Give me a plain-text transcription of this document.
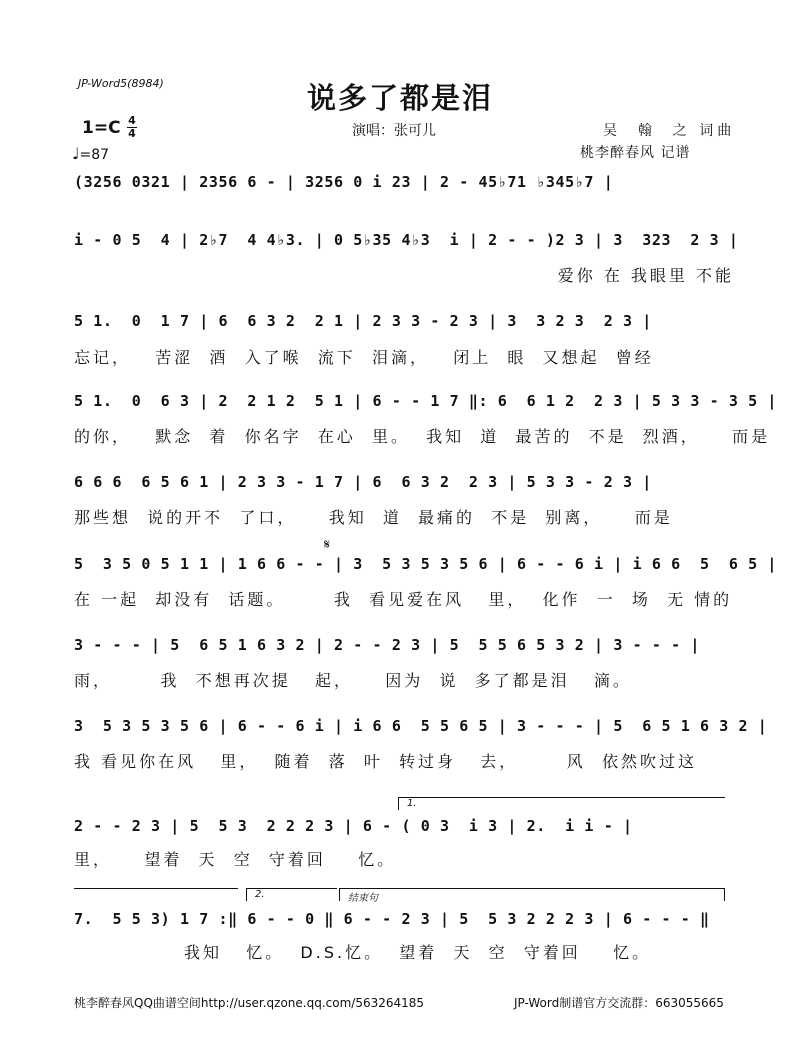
JP-Word5(8984)	说多了都是泪
1=C 4
4
♩=87
演唱：张可儿	吴  翰  之 词曲
桃李醉春风 记谱
(3256 0321 | 2356 6 - | 3256 0 i 23 | 2 - 45♭71 ♭345♭7 |
i - 0 5  4 | 2♭7  4 4♭3. | 0 5♭35 4♭3  i | 2 - - )2 3 | 3  323  2 3 |
爱你 在 我眼里 不能
5 1.  0  1 7 | 6  6 3 2  2 1 | 2 3 3 - 2 3 | 3  3 2 3  2 3 |
忘记，   苦涩  酒  入了喉  流下  泪滴，   闭上  眼  又想起  曾经
5 1.  0  6 3 | 2  2 1 2  5 1 | 6 - - 1 7 ‖: 6  6 1 2  2 3 | 5 3 3 - 3 5 |
的你，   默念  着  你名字  在心  里。  我知  道  最苦的  不是  烈酒，    而是
6 6 6  6 5 6 1 | 2 3 3 - 1 7 | 6  6 3 2  2 3 | 5 3 3 - 2 3 |
那些想  说的开不  了口，    我知  道  最痛的  不是  别离，    而是
𝄋
5  3 5 0 5 1 1 | 1 6 6 - - | 3  5 3 5 3 5 6 | 6 - - 6 i | i 6 6  5  6 5 |
在 一起  却没有  话题。      我  看见爱在风   里，  化作  一  场  无 情的
3 - - - | 5  6 5 1 6 3 2 | 2 - - 2 3 | 5  5 5 6 5 3 2 | 3 - - - |
雨，      我  不想再次提   起，    因为  说  多了都是泪   滴。
3  5 3 5 3 5 6 | 6 - - 6 i | i 6 6  5 5 6 5 | 3 - - - | 5  6 5 1 6 3 2 |
我 看见你在风   里，  随着  落  叶  转过身   去，      风  依然吹过这
1.
2 - - 2 3 | 5  5 3  2 2 2 3 | 6 - ( 0 3  i 3 | 2.  i i - |
里，    望着  天  空  守着回    忆。
2.	结束句
7.  5 5 3) 1 7 :‖ 6 - - 0 ‖ 6 - - 2 3 | 5  5 3 2 2 2 3 | 6 - - - ‖
我知   忆。  D.S.忆。  望着  天  空  守着回    忆。
桃李醉春风QQ曲谱空间http://user.qzone.qq.com/563264185	JP-Word制谱官方交流群：663055665
